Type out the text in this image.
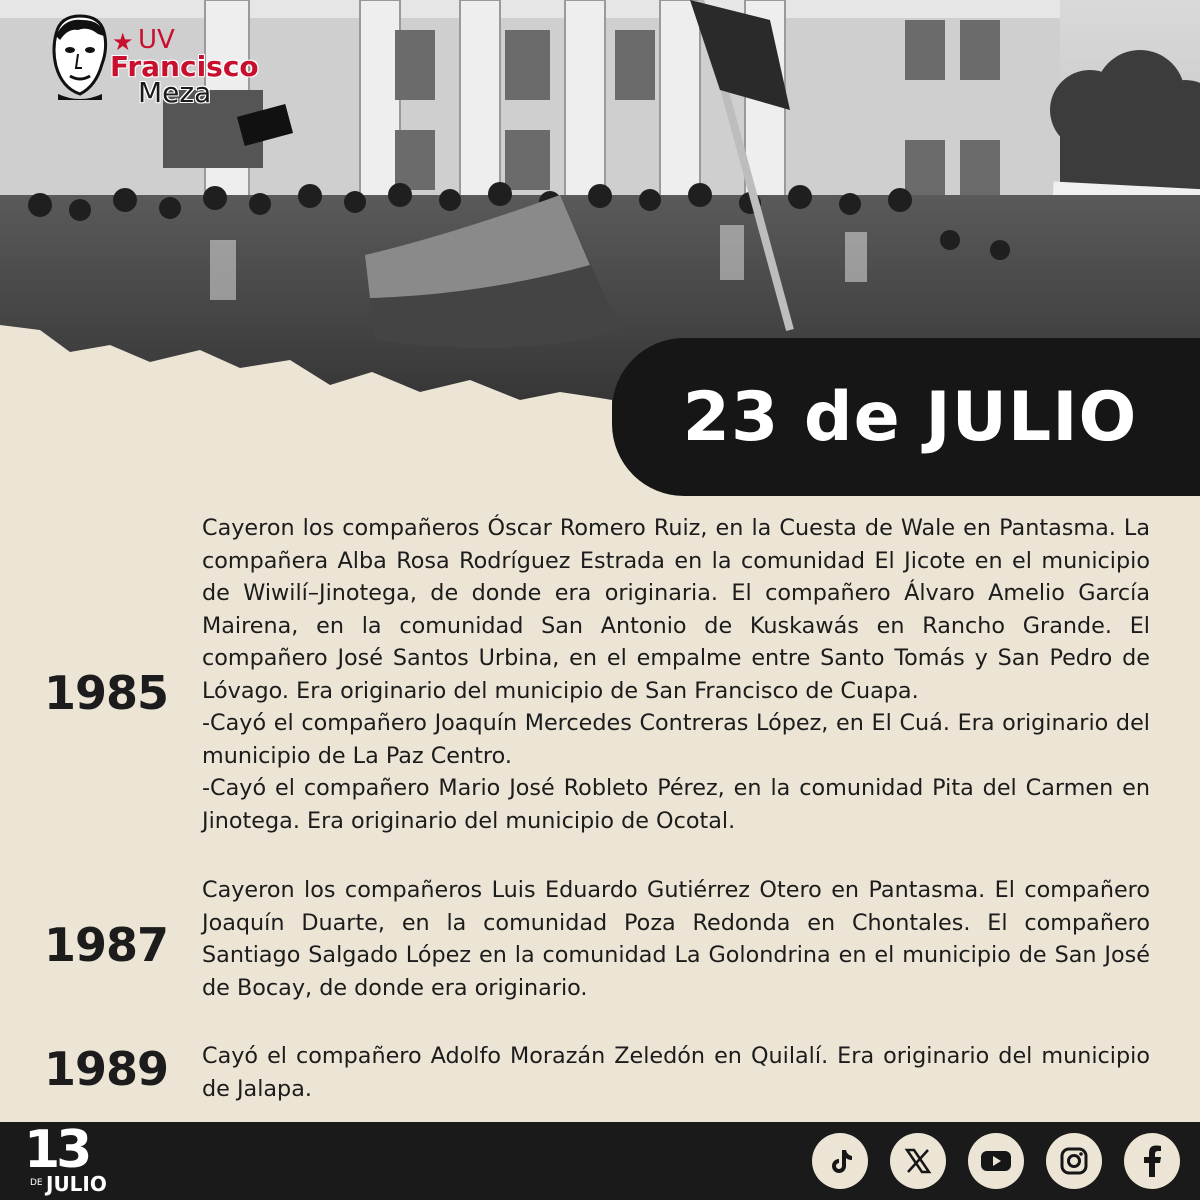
★ UV
Francisco
Meza
23 de JULIO
1985

Cayeron los compañeros Óscar Romero Ruiz, en la Cuesta de Wale en Pantasma. La compañera Alba Rosa Rodríguez Estrada en la comunidad El Jicote en el municipio de Wiwilí–Jinotega, de donde era originaria. El compañero Álvaro Amelio García Mairena, en la comunidad San Antonio de Kuskawás en Rancho Grande. El compañero José Santos Urbina, en el empalme entre Santo Tomás y San Pedro de Lóvago. Era originario del municipio de San Francisco de Cuapa.

-Cayó el compañero Joaquín Mercedes Contreras López, en El Cuá. Era originario del municipio de La Paz Centro.

-Cayó el compañero Mario José Robleto Pérez, en la comunidad Pita del Carmen en Jinotega. Era originario del municipio de Ocotal.

1987

Cayeron los compañeros Luis Eduardo Gutiérrez Otero en Pantasma. El compañero Joaquín Duarte, en la comunidad Poza Redonda en Chontales. El compañero Santiago Salgado López en la comunidad La Golondrina en el municipio de San José de Bocay, de donde era originario.

1989	Cayó el compañero Adolfo Morazán Zeledón en Quilalí. Era originario del municipio de Jalapa.

13
DE JULIO
